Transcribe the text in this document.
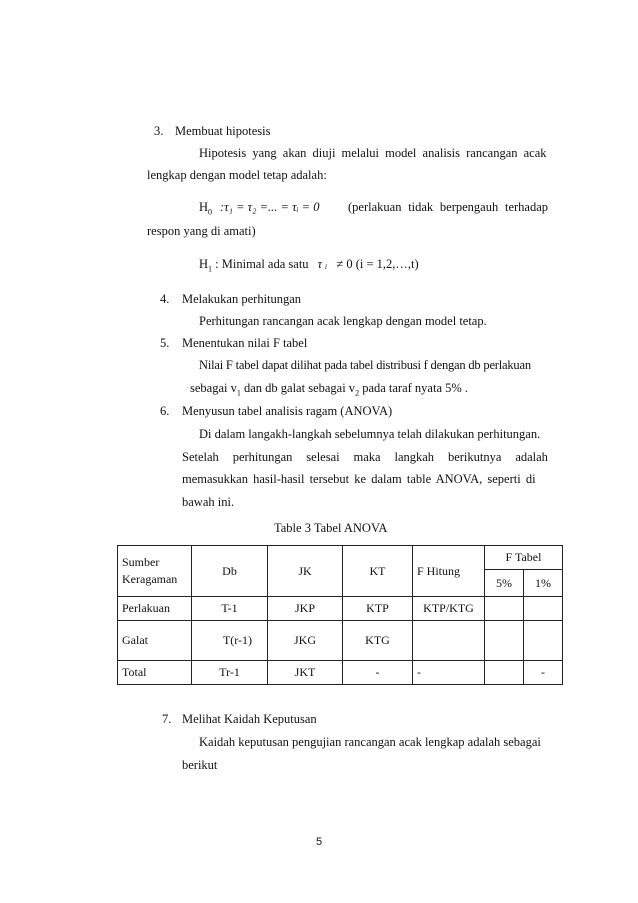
3. Membuat hipotesis
Hipotesis yang akan diuji melalui model analisis rancangan acak
lengkap dengan model tetap adalah:
$H_0$ :τ₁ = τ₂ =... = τᵢ = 0 (perlakuan tidak berpengauh terhadap
respon yang di amati)
$H_1$ : Minimal ada satu τ ᵢ ≠ 0 (i = 1,2,…,t)
4. Melakukan perhitungan
Perhitungan rancangan acak lengkap dengan model tetap.
5. Menentukan nilai F tabel
Nilai F tabel dapat dilihat pada tabel distribusi f dengan db perlakuan
sebagai $v_1$ dan db galat sebagai $v_2$ pada taraf nyata 5% .
6. Menyusun tabel analisis ragam (ANOVA)
Di dalam langakh-langkah sebelumnya telah dilakukan perhitungan.
Setelah perhitungan selesai maka langkah berikutnya adalah
memasukkan hasil-hasil tersebut ke dalam table ANOVA, seperti di
bawah ini.
Table 3 Tabel ANOVA
Sumber Keragaman	Db	JK	KT	F Hitung	F Tabel	
					5%	1%
Perlakuan	T-1	JKP	KTP	KTP/KTG		
Galat	T(r-1)	JKG	KTG			
Total	Tr-1	JKT	-	-		-
7. Melihat Kaidah Keputusan
Kaidah keputusan pengujian rancangan acak lengkap adalah sebagai
berikut
5
